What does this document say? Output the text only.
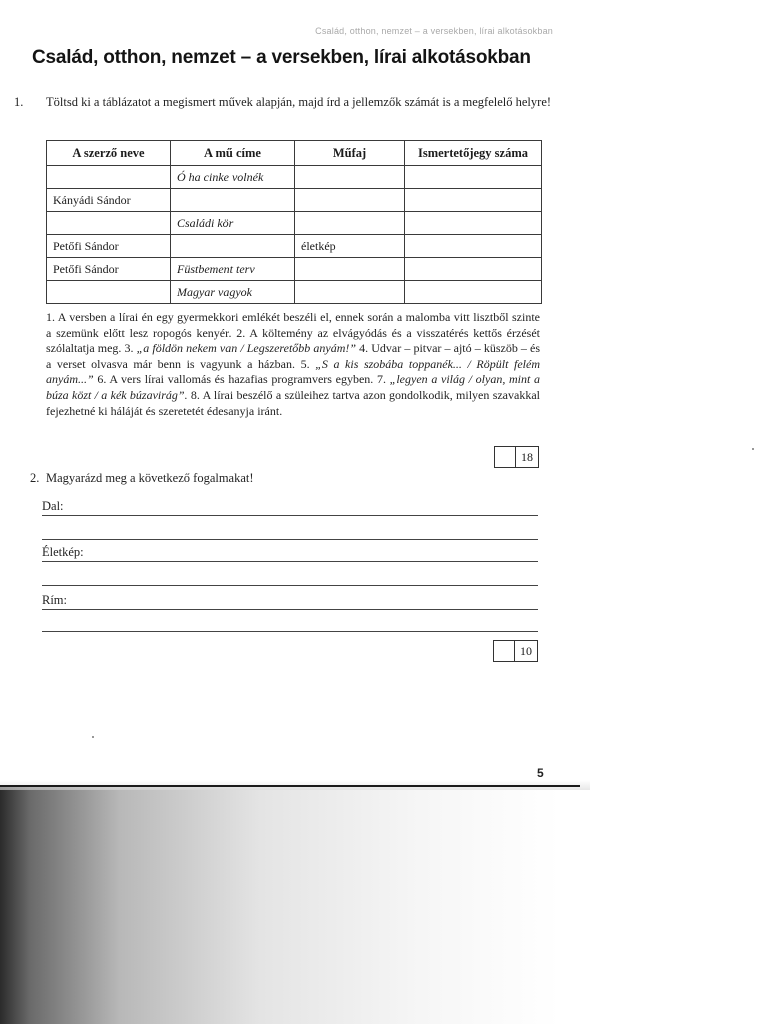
Család, otthon, nemzet – a versekben, lírai alkotásokban
Család, otthon, nemzet – a versekben, lírai alkotásokban
1. Töltsd ki a táblázatot a megismert művek alapján, majd írd a jellemzők számát is a megfelelő helyre!
A szerző neve	A mű címe	Műfaj	Ismertetőjegy száma
	Ó ha cinke volnék		
Kányádi Sándor			
	Családi kör		
Petőfi Sándor		életkép	
Petőfi Sándor	Füstbement terv		
	Magyar vagyok		
1. A versben a lírai én egy gyermekkori emlékét beszéli el, ennek során a malomba vitt lisztből szinte a szemünk előtt lesz ropogós kenyér. 2. A költemény az elvágyódás és a visszatérés kettős érzését szólaltatja meg. 3. „a földön nekem van / Legszeretőbb anyám!” 4. Udvar – pitvar – ajtó – küszöb – és a verset olvasva már benn is vagyunk a házban. 5. „S a kis szobába toppanék... / Röpült felém anyám...” 6. A vers lírai vallomás és hazafias programvers egyben. 7. „legyen a világ / olyan, mint a búza közt / a kék búzavirág”. 8. A lírai beszélő a szüleihez tartva azon gondolkodik, milyen szavakkal fejezhetné ki háláját és szeretetét édesanyja iránt.
18
2. Magyarázd meg a következő fogalmakat!
Dal:
Életkép:
Rím:
10
5
